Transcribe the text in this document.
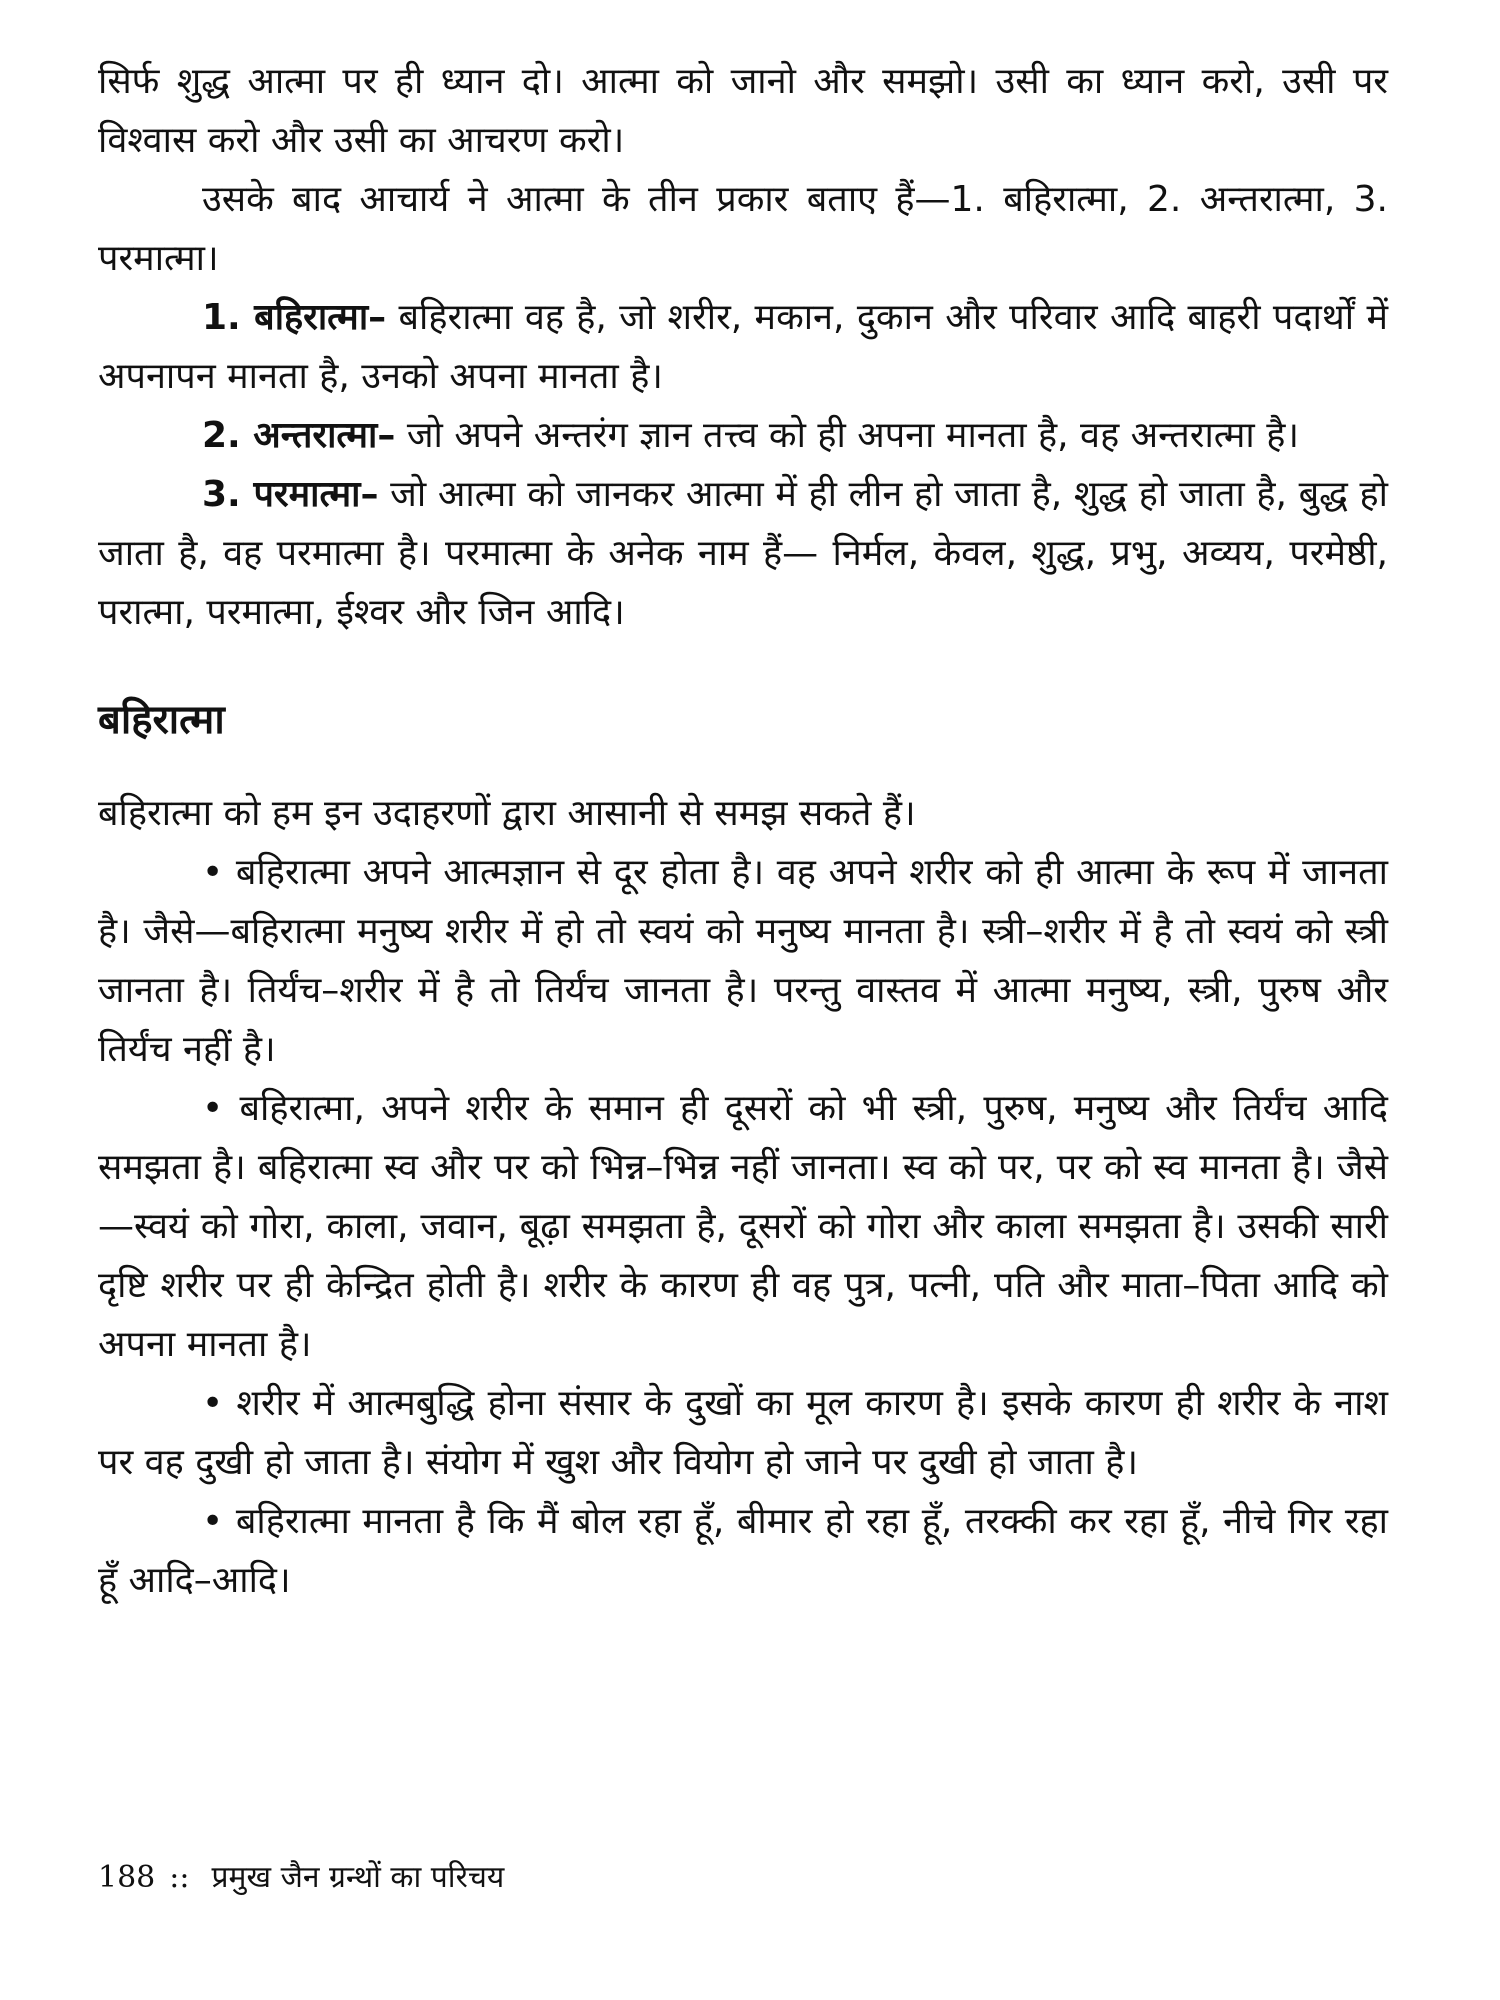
सिर्फ शुद्ध आत्मा पर ही ध्यान दो। आत्मा को जानो और समझो। उसी का ध्यान करो, उसी पर विश्वास करो और उसी का आचरण करो।

उसके बाद आचार्य ने आत्मा के तीन प्रकार बताए हैं—1. बहिरात्मा, 2. अन्तरात्मा, 3. परमात्मा।

1. बहिरात्मा– बहिरात्मा वह है, जो शरीर, मकान, दुकान और परिवार आदि बाहरी पदार्थों में अपनापन मानता है, उनको अपना मानता है।

2. अन्तरात्मा– जो अपने अन्तरंग ज्ञान तत्त्व को ही अपना मानता है, वह अन्तरात्मा है।

3. परमात्मा– जो आत्मा को जानकर आत्मा में ही लीन हो जाता है, शुद्ध हो जाता है, बुद्ध हो जाता है, वह परमात्मा है। परमात्मा के अनेक नाम हैं— निर्मल, केवल, शुद्ध, प्रभु, अव्यय, परमेष्ठी, परात्मा, परमात्मा, ईश्वर और जिन आदि।

बहिरात्मा

बहिरात्मा को हम इन उदाहरणों द्वारा आसानी से समझ सकते हैं।

• बहिरात्मा अपने आत्मज्ञान से दूर होता है। वह अपने शरीर को ही आत्मा के रूप में जानता है। जैसे—बहिरात्मा मनुष्य शरीर में हो तो स्वयं को मनुष्य मानता है। स्त्री–शरीर में है तो स्वयं को स्त्री जानता है। तिर्यंच–शरीर में है तो तिर्यंच जानता है। परन्तु वास्तव में आत्मा मनुष्य, स्त्री, पुरुष और तिर्यंच नहीं है।

• बहिरात्मा, अपने शरीर के समान ही दूसरों को भी स्त्री, पुरुष, मनुष्य और तिर्यंच आदि समझता है। बहिरात्मा स्व और पर को भिन्न–भिन्न नहीं जानता। स्व को पर, पर को स्व मानता है। जैसे—स्वयं को गोरा, काला, जवान, बूढ़ा समझता है, दूसरों को गोरा और काला समझता है। उसकी सारी दृष्टि शरीर पर ही केन्द्रित होती है। शरीर के कारण ही वह पुत्र, पत्नी, पति और माता–पिता आदि को अपना मानता है।

• शरीर में आत्मबुद्धि होना संसार के दुखों का मूल कारण है। इसके कारण ही शरीर के नाश पर वह दुखी हो जाता है। संयोग में खुश और वियोग हो जाने पर दुखी हो जाता है।

• बहिरात्मा मानता है कि मैं बोल रहा हूँ, बीमार हो रहा हूँ, तरक्की कर रहा हूँ, नीचे गिर रहा हूँ आदि–आदि।

188 :: प्रमुख जैन ग्रन्थों का परिचय
